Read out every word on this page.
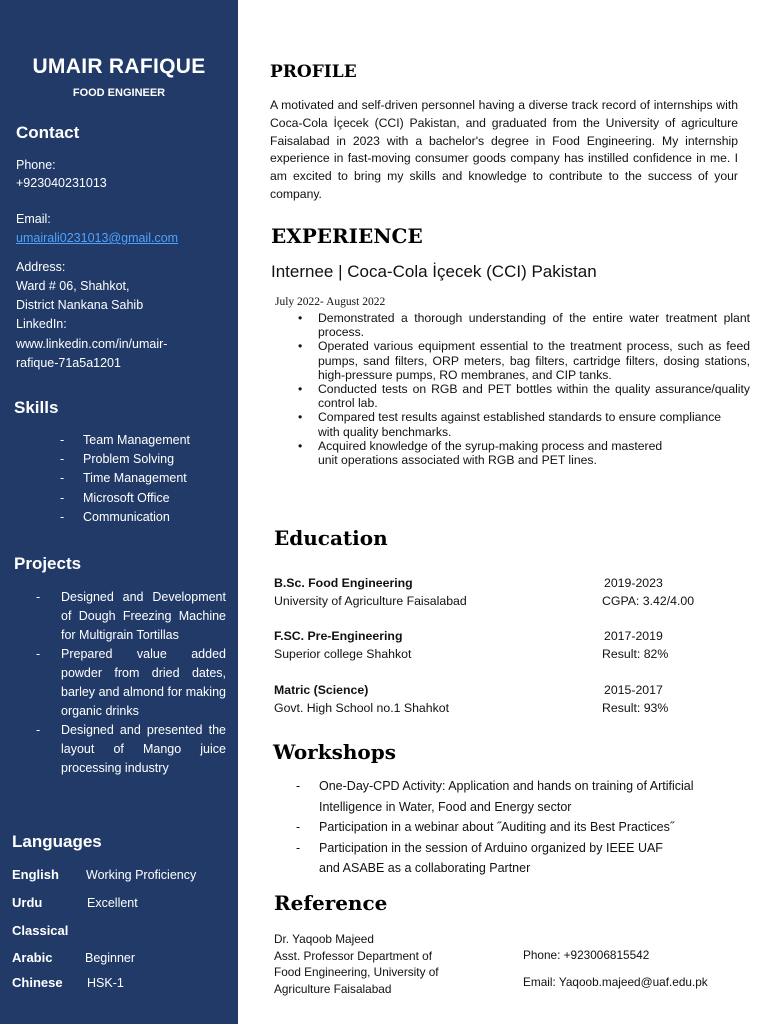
UMAIR RAFIQUE
FOOD ENGINEER
Contact
Phone:
+923040231013
Email:
umairali0231013@gmail.com
Address:
Ward # 06, Shahkot,
District Nankana Sahib
LinkedIn:
www.linkedin.com/in/umair-
rafique-71a5a1201
Skills
- Team Management
- Problem Solving
- Time Management
- Microsoft Office
- Communication
Projects
- Designed and Development of Dough Freezing Machine for Multigrain Tortillas
- Prepared value added powder from dried dates, barley and almond for making organic drinks
- Designed and presented the layout of Mango juice processing industry
Languages
English Working Proficiency
Urdu	Excellent
Classical
Arabic	Beginner
Chinese HSK-1
PROFILE

A motivated and self-driven personnel having a diverse track record of internships with Coca-Cola İçecek (CCI) Pakistan, and graduated from the University of agriculture Faisalabad in 2023 with a bachelor's degree in Food Engineering. My internship experience in fast-moving consumer goods company has instilled confidence in me. I am excited to bring my skills and knowledge to contribute to the success of your company.

EXPERIENCE
Internee | Coca-Cola İçecek (CCI) Pakistan
July 2022- August 2022
• Demonstrated a thorough understanding of the entire water treatment plant process.
• Operated various equipment essential to the treatment process, such as feed pumps, sand filters, ORP meters, bag filters, cartridge filters, dosing stations, high-pressure pumps, RO membranes, and CIP tanks.
• Conducted tests on RGB and PET bottles within the quality assurance/quality control lab.
• Compared test results against established standards to ensure compliance with quality benchmarks.
• Acquired knowledge of the syrup-making process and mastered unit operations associated with RGB and PET lines.
Education
B.Sc. Food Engineering	2019-2023
University of Agriculture Faisalabad	CGPA: 3.42/4.00
F.SC. Pre-Engineering	2017-2019
Superior college Shahkot	Result: 82%
Matric (Science)	2015-2017
Govt. High School no.1 Shahkot	Result: 93%
Workshops
- One-Day-CPD Activity: Application and hands on training of Artificial Intelligence in Water, Food and Energy sector
- Participation in a webinar about ˝Auditing and its Best Practices˝
- Participation in the session of Arduino organized by IEEE UAF and ASABE as a collaborating Partner
Reference
Dr. Yaqoob Majeed
Asst. Professor Department of Food Engineering, University of Agriculture Faisalabad
Phone: +923006815542
Email: Yaqoob.majeed@uaf.edu.pk
